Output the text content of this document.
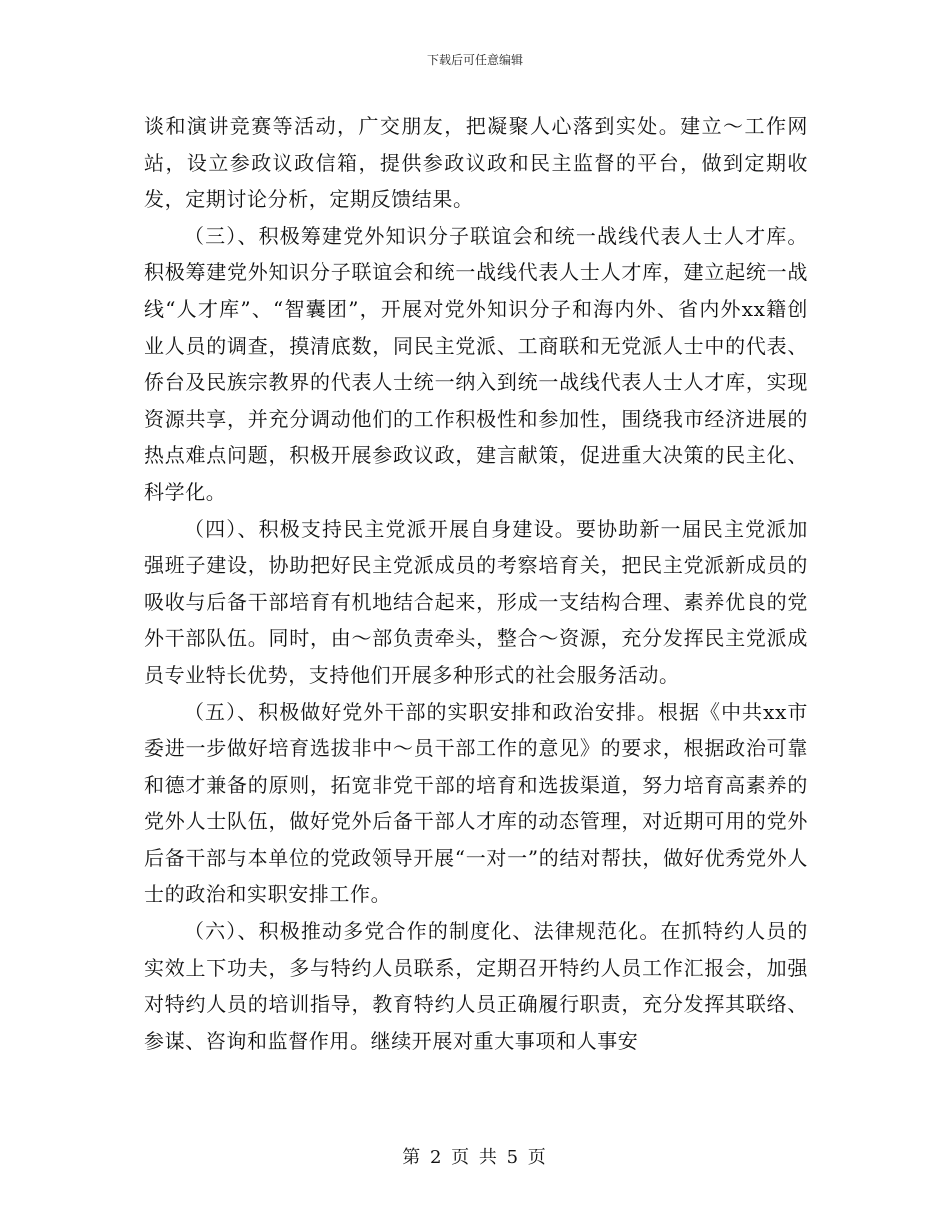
下载后可任意编辑

谈和演讲竞赛等活动，广交朋友，把凝聚人心落到实处。建立～工作网站，设立参政议政信箱，提供参政议政和民主监督的平台，做到定期收发，定期讨论分析，定期反馈结果。

（三）、积极筹建党外知识分子联谊会和统一战线代表人士人才库。积极筹建党外知识分子联谊会和统一战线代表人士人才库，建立起统一战线“人才库”、“智囊团”，开展对党外知识分子和海内外、省内外xx籍创业人员的调查，摸清底数，同民主党派、工商联和无党派人士中的代表、侨台及民族宗教界的代表人士统一纳入到统一战线代表人士人才库，实现资源共享，并充分调动他们的工作积极性和参加性，围绕我市经济进展的热点难点问题，积极开展参政议政，建言献策，促进重大决策的民主化、科学化。

（四）、积极支持民主党派开展自身建设。要协助新一届民主党派加强班子建设，协助把好民主党派成员的考察培育关，把民主党派新成员的吸收与后备干部培育有机地结合起来，形成一支结构合理、素养优良的党外干部队伍。同时，由～部负责牵头，整合～资源，充分发挥民主党派成员专业特长优势，支持他们开展多种形式的社会服务活动。

（五）、积极做好党外干部的实职安排和政治安排。根据《中共xx市委进一步做好培育选拔非中～员干部工作的意见》的要求，根据政治可靠和德才兼备的原则，拓宽非党干部的培育和选拔渠道，努力培育高素养的党外人士队伍，做好党外后备干部人才库的动态管理，对近期可用的党外后备干部与本单位的党政领导开展“一对一”的结对帮扶，做好优秀党外人士的政治和实职安排工作。

（六）、积极推动多党合作的制度化、法律规范化。在抓特约人员的实效上下功夫，多与特约人员联系，定期召开特约人员工作汇报会，加强对特约人员的培训指导，教育特约人员正确履行职责，充分发挥其联络、参谋、咨询和监督作用。继续开展对重大事项和人事安

第 2 页 共 5 页
